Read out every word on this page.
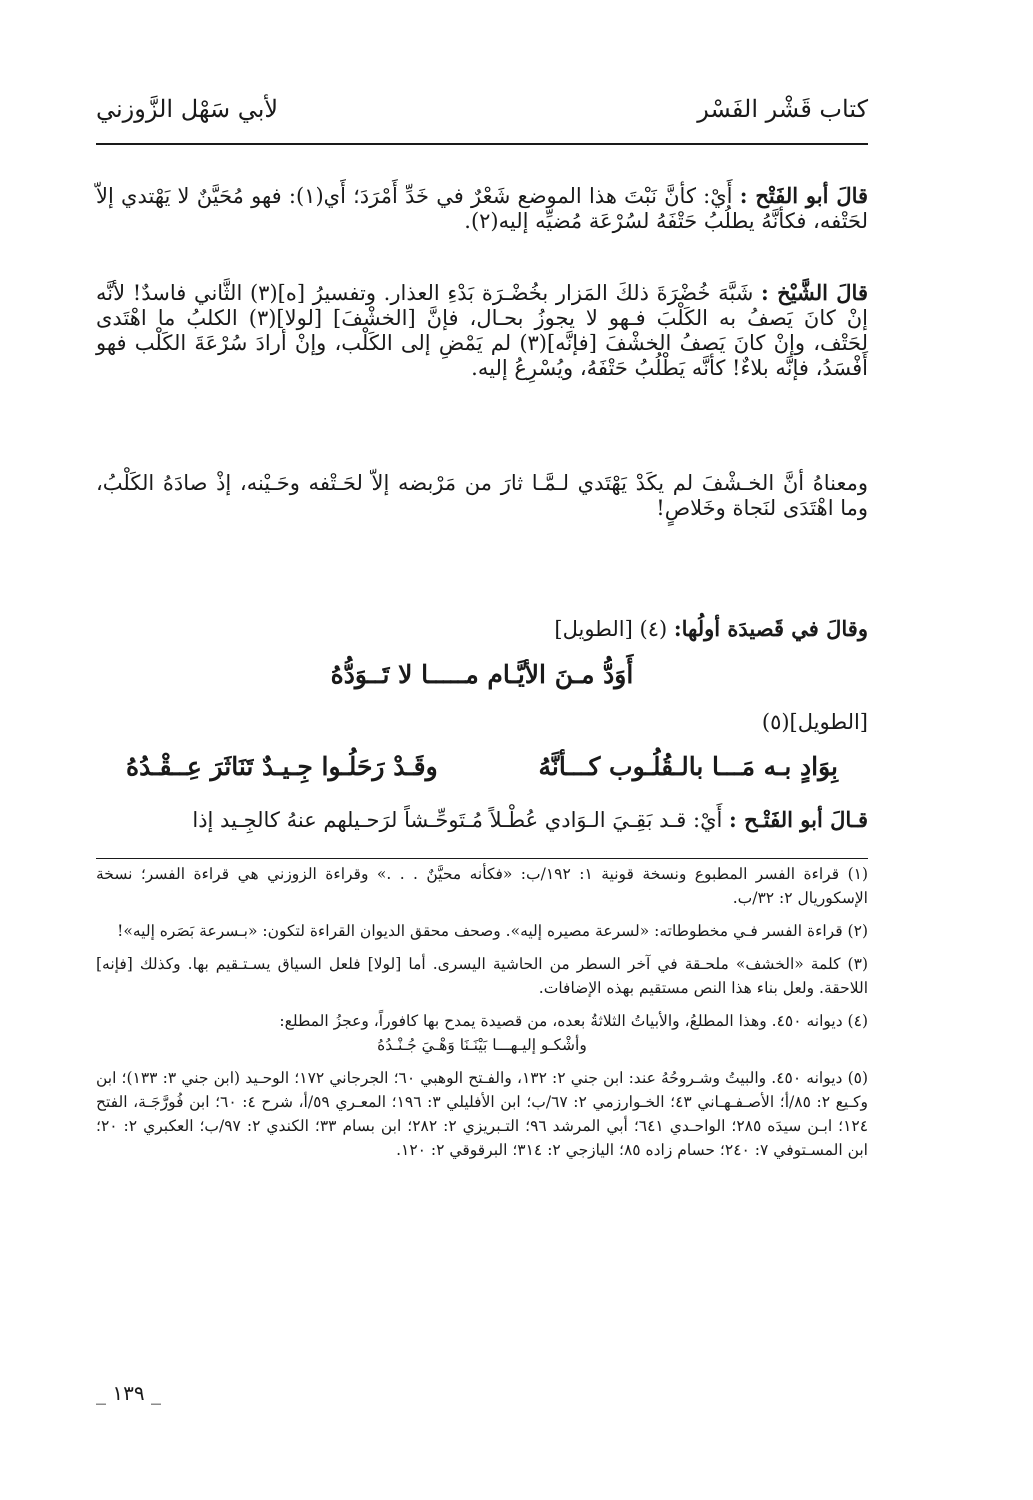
كتاب قَشْر الفَسْر
لأبي سَهْل الزَّوزني
قالَ أبو الفَتْح : أَيْ: كأنَّ نَبْتَ هذا الموضع شَعْرٌ في خَدِّ أَمْرَدَ؛ أَي(١): فهو مُحَيَّنٌ لا يَهْتدي إلاّ لحَتْفه، فكأنَّهُ يطلُبُ حَتْفَهُ لسُرْعَة مُضيِّه إليه(٢).
قالَ الشَّيْخ : شَبَّهَ خُضْرَةَ ذلكَ المَزار بخُضْـرَة بَدْءِ العذار. وتفسيرُ [ه](٣) الثَّاني فاسدٌ! لأنَّه إنْ كانَ يَصفُ به الكَلْبَ فـهو لا يجوزُ بحـال، فإنَّ [الخشْفَ] [لولا](٣) الكلبُ ما اهْتَدى لحَتْف، وإنْ كانَ يَصفُ الخشْفَ [فإنَّه](٣) لم يَمْضِ إلى الكَلْب، وإنْ أرادَ سُرْعَةَ الكَلْب فهو أَفْسَدُ، فإنَّه بلاءٌ! كأنَّه يَطْلُبُ حَتْفَهُ، ويُسْرِعُ إليه.
ومعناهُ أنَّ الخـشْفَ لم يكَدْ يَهْتَدي لـمَّـا ثارَ من مَرْبضه إلاّ لحَـتْفه وحَـيْنه، إذْ صادَهُ الكَلْبُ، وما اهْتَدَى لنَجاة وخَلاصٍ!
وقالَ في قَصيدَة أولُها: (٤) [الطويل]
أَوَدُّ مـنَ الأيَّـام مـــــا لا تَــوَدُّهُ
[الطويل](٥)
بِوَادٍ بـه مَـــا بالـقُلُـوب كـــأنَّهُ
وقَـدْ رَحَلُـوا جِـيـدٌ تَنَاثَرَ عِــقْـدُهُ
قـالَ أبو الفَتْـح : أَيْ: قـد بَقِـيَ الـوَادي عُطْـلاً مُـتَوحِّـشاً لرَحـيلهم عنهُ كالجِـيد إذا

(١) قراءة الفسر المطبوع ونسخة قونية ١: ١٩٢/ب: «فكأنه محيَّنٌ . . .» وقراءة الزوزني هي قراءة الفسر؛ نسخة الإسكوريال ٢: ٣٢/ب.

(٢) قراءة الفسر فـي مخطوطاته: «لسرعة مصيره إليه». وصحف محقق الديوان القراءة لتكون: «بـسرعة بَصَره إليه»!

(٣) كلمة «الخشف» ملحـقة في آخر السطر من الحاشية اليسرى. أما [لولا] فلعل السياق يسـتـقيم بها. وكذلك [فإنه] اللاحقة. ولعل بناء هذا النص مستقيم بهذه الإضافات.

(٤) ديوانه ٤٥٠. وهذا المطلعُ، والأبياتُ الثلاثةُ بعده، من قصيدة يمدح بها كافوراً، وعجزُ المطلع:

وأشْكـو إليـهـــا بَيْنَـنَا وَهْـيَ جُـنْـدُهُ

(٥) ديوانه ٤٥٠. والبيتُ وشـروحُهُ عند: ابن جني ٢: ١٣٢، والفـتح الوهبي ٦٠؛ الجرجاني ١٧٢؛ الوحـيد (ابن جني ٣: ١٣٣)؛ ابن وكـيع ٢: ٨٥/أ؛ الأصـفـهـاني ٤٣؛ الخـوارزمي ٢: ٦٧/ب؛ ابن الأفليلي ٣: ١٩٦؛ المعـري ٥٩/أ، شرح ٤: ٦٠؛ ابن فُورَّجَـة، الفتح ١٢٤؛ ابـن سيدَه ٢٨٥؛ الواحـدي ٦٤١؛ أبي المرشد ٩٦؛ التـبريزي ٢: ٢٨٢؛ ابن بسام ٣٣؛ الكندي ٢: ٩٧/ب؛ العكبري ٢: ٢٠؛ ابن المسـتوفي ٧: ٢٤٠؛ حسام زاده ٨٥؛ اليازجي ٢: ٣١٤؛ البرقوقي ٢: ١٢٠.

_ ١٣٩ _
